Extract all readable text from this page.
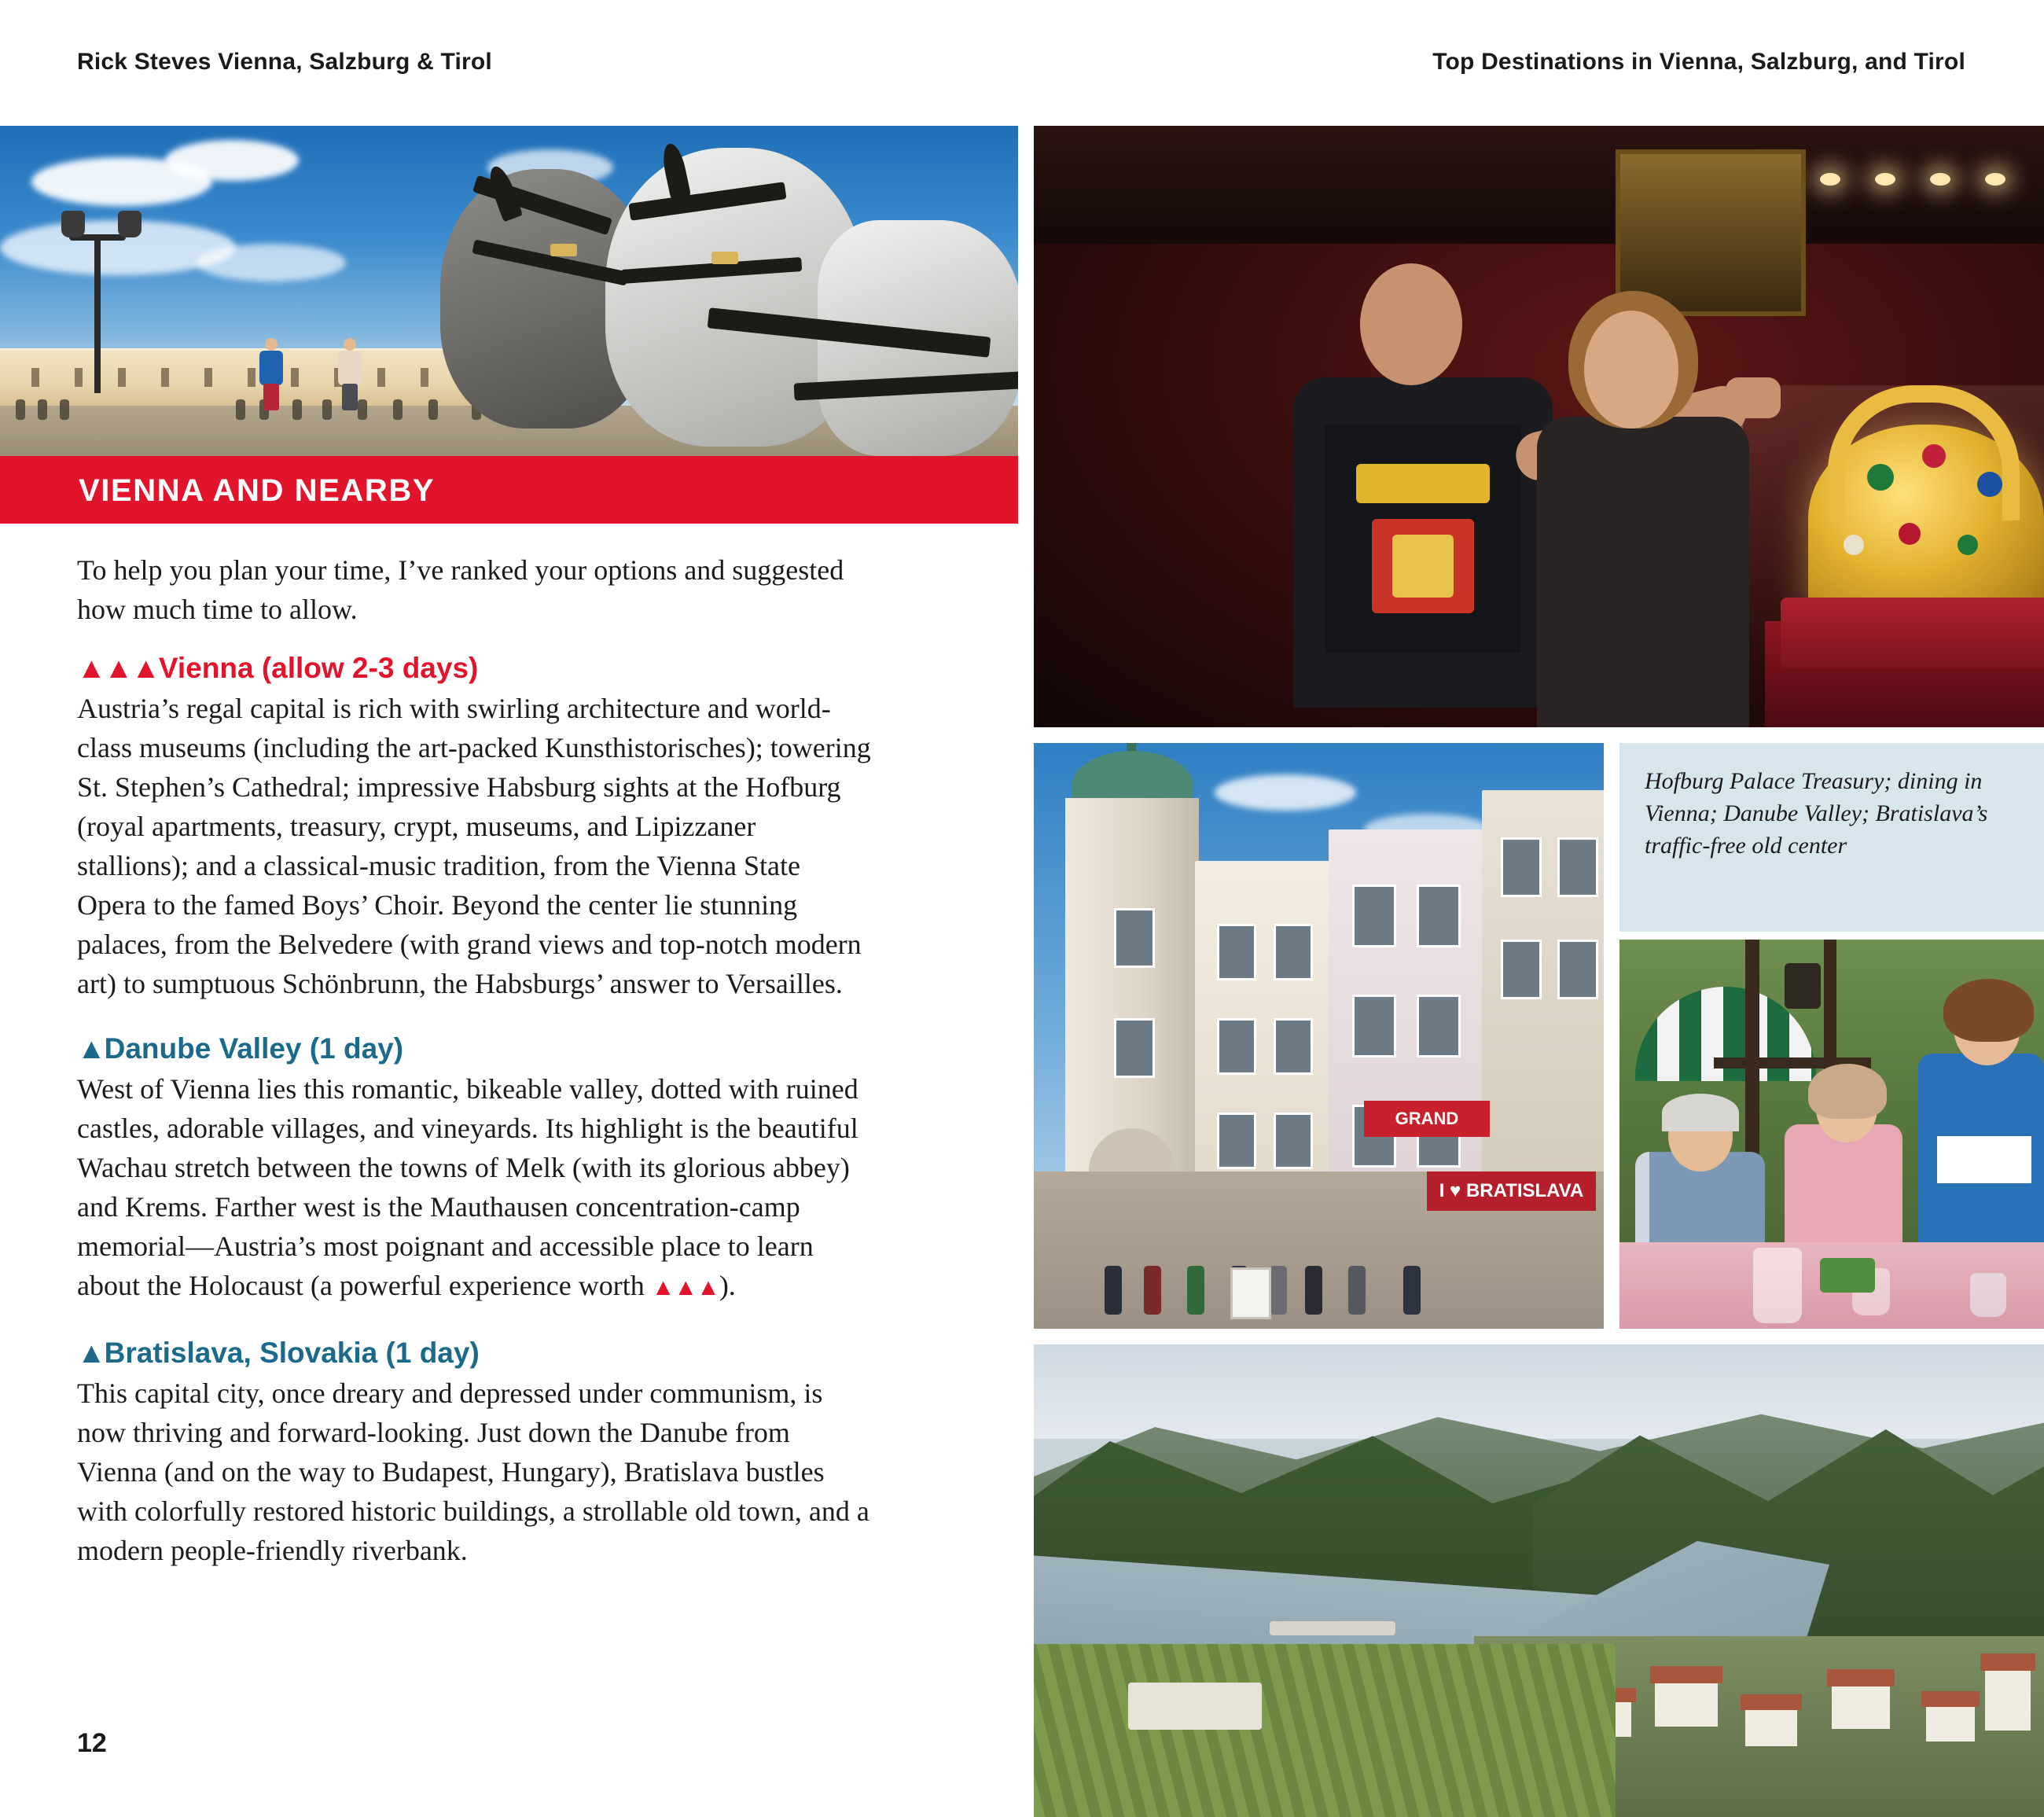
Rick Steves Vienna, Salzburg & Tirol	Top Destinations in Vienna, Salzburg, and Tirol
VIENNA AND NEARBY

To help you plan your time, I’ve ranked your options and suggested how much time to allow.

▲▲▲Vienna (allow 2-3 days)

Austria’s regal capital is rich with swirling architecture and world-class museums (including the art-packed Kunsthistorisches); towering St. Stephen’s Cathedral; impressive Habsburg sights at the Hofburg (royal apartments, treasury, crypt, museums, and Lipizzaner stallions); and a classical-music tradition, from the Vienna State Opera to the famed Boys’ Choir. Beyond the center lie stunning palaces, from the Belvedere (with grand views and top-notch modern art) to sumptuous Schönbrunn, the Habsburgs’ answer to Versailles.

▲Danube Valley (1 day)

West of Vienna lies this romantic, bikeable valley, dotted with ruined castles, adorable villages, and vineyards. Its highlight is the beautiful Wachau stretch between the towns of Melk (with its glorious abbey) and Krems. Farther west is the Mauthausen concentration-camp memorial—Austria’s most poignant and accessible place to learn about the Holocaust (a powerful experience worth ▲▲▲).

▲Bratislava, Slovakia (1 day)

This capital city, once dreary and depressed under communism, is now thriving and forward-looking. Just down the Danube from Vienna (and on the way to Budapest, Hungary), Bratislava bustles with colorfully restored historic buildings, a strollable old town, and a modern people-friendly riverbank.

12
GRAND
I ♥ BRATISLAVA
Hofburg Palace Treasury; dining in Vienna; Danube Valley; Bratislava’s traffic-free old center
